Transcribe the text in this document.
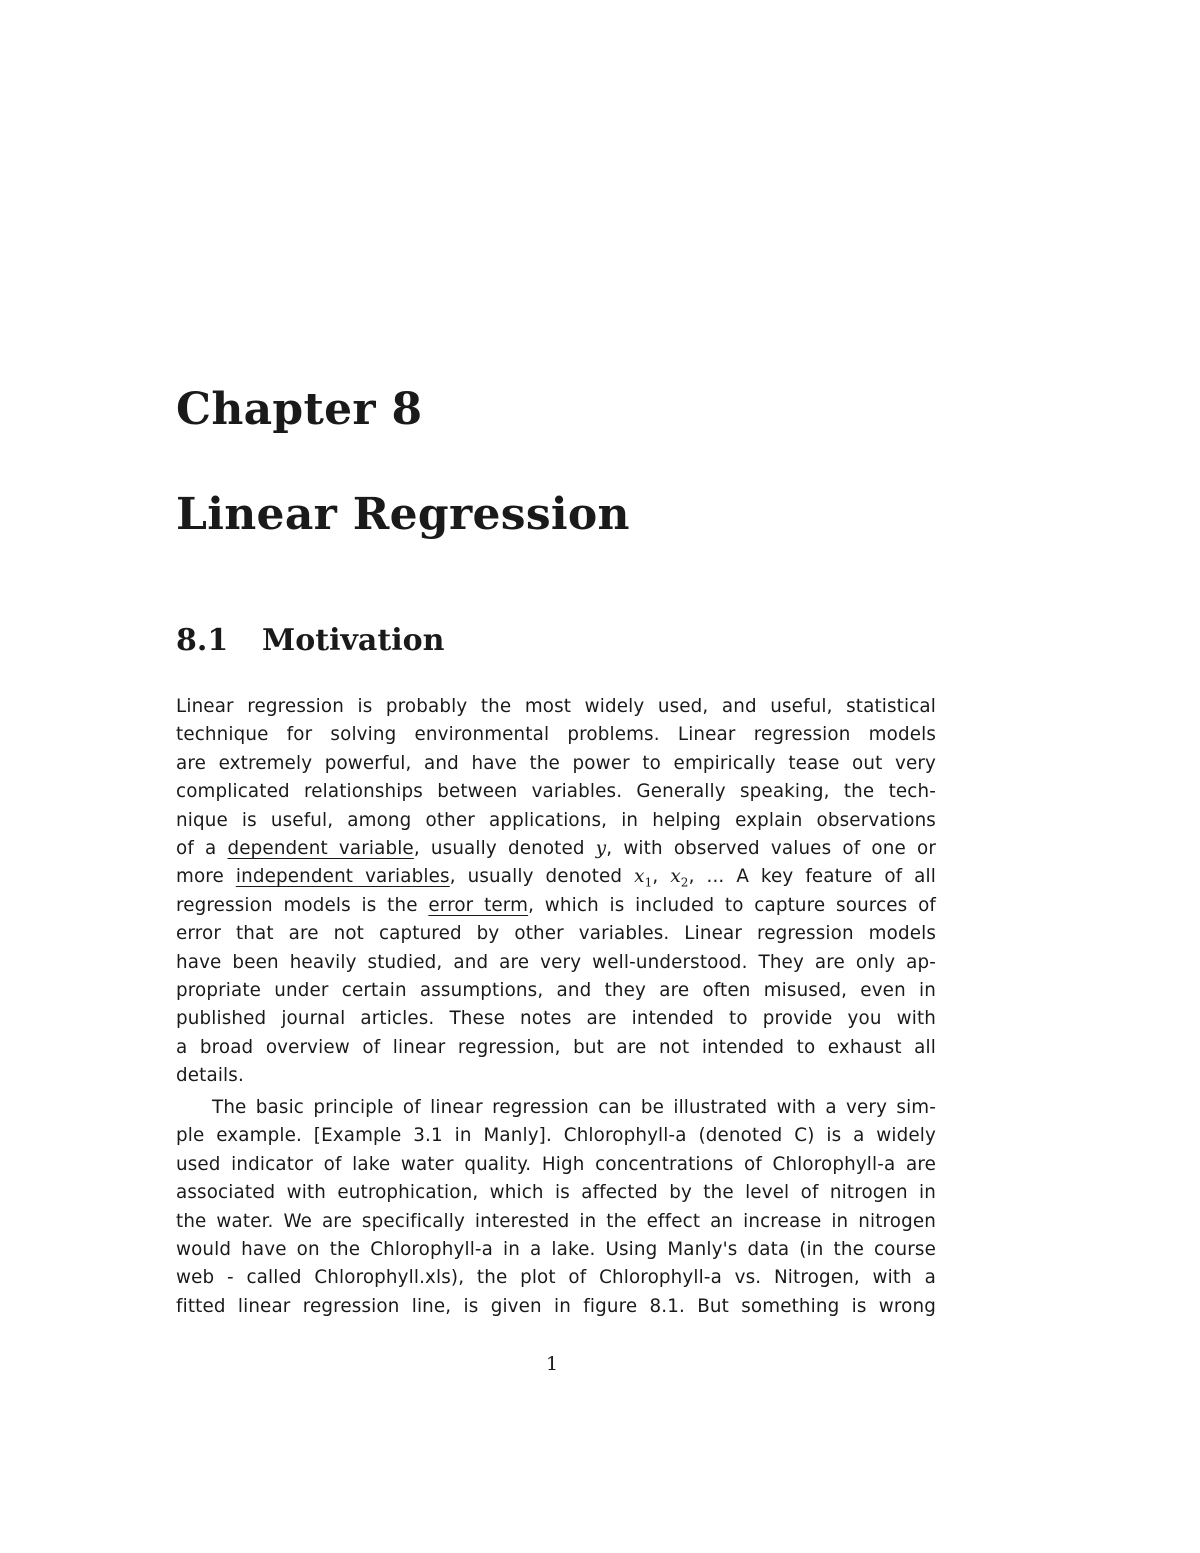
Chapter 8
Linear Regression
8.1 Motivation
Linear regression is probably the most widely used, and useful, statistical
technique for solving environmental problems. Linear regression models
are extremely powerful, and have the power to empirically tease out very
complicated relationships between variables. Generally speaking, the tech-
nique is useful, among other applications, in helping explain observations
of a dependent variable, usually denoted y, with observed values of one or
more independent variables, usually denoted $x_1$, $x_2$, ... A key feature of all
regression models is the error term, which is included to capture sources of
error that are not captured by other variables. Linear regression models
have been heavily studied, and are very well-understood. They are only ap-
propriate under certain assumptions, and they are often misused, even in
published journal articles. These notes are intended to provide you with
a broad overview of linear regression, but are not intended to exhaust all
details.
The basic principle of linear regression can be illustrated with a very sim-
ple example. [Example 3.1 in Manly]. Chlorophyll-a (denoted C) is a widely
used indicator of lake water quality. High concentrations of Chlorophyll-a are
associated with eutrophication, which is affected by the level of nitrogen in
the water. We are specifically interested in the effect an increase in nitrogen
would have on the Chlorophyll-a in a lake. Using Manly's data (in the course
web - called Chlorophyll.xls), the plot of Chlorophyll-a vs. Nitrogen, with a
fitted linear regression line, is given in figure 8.1. But something is wrong
1
